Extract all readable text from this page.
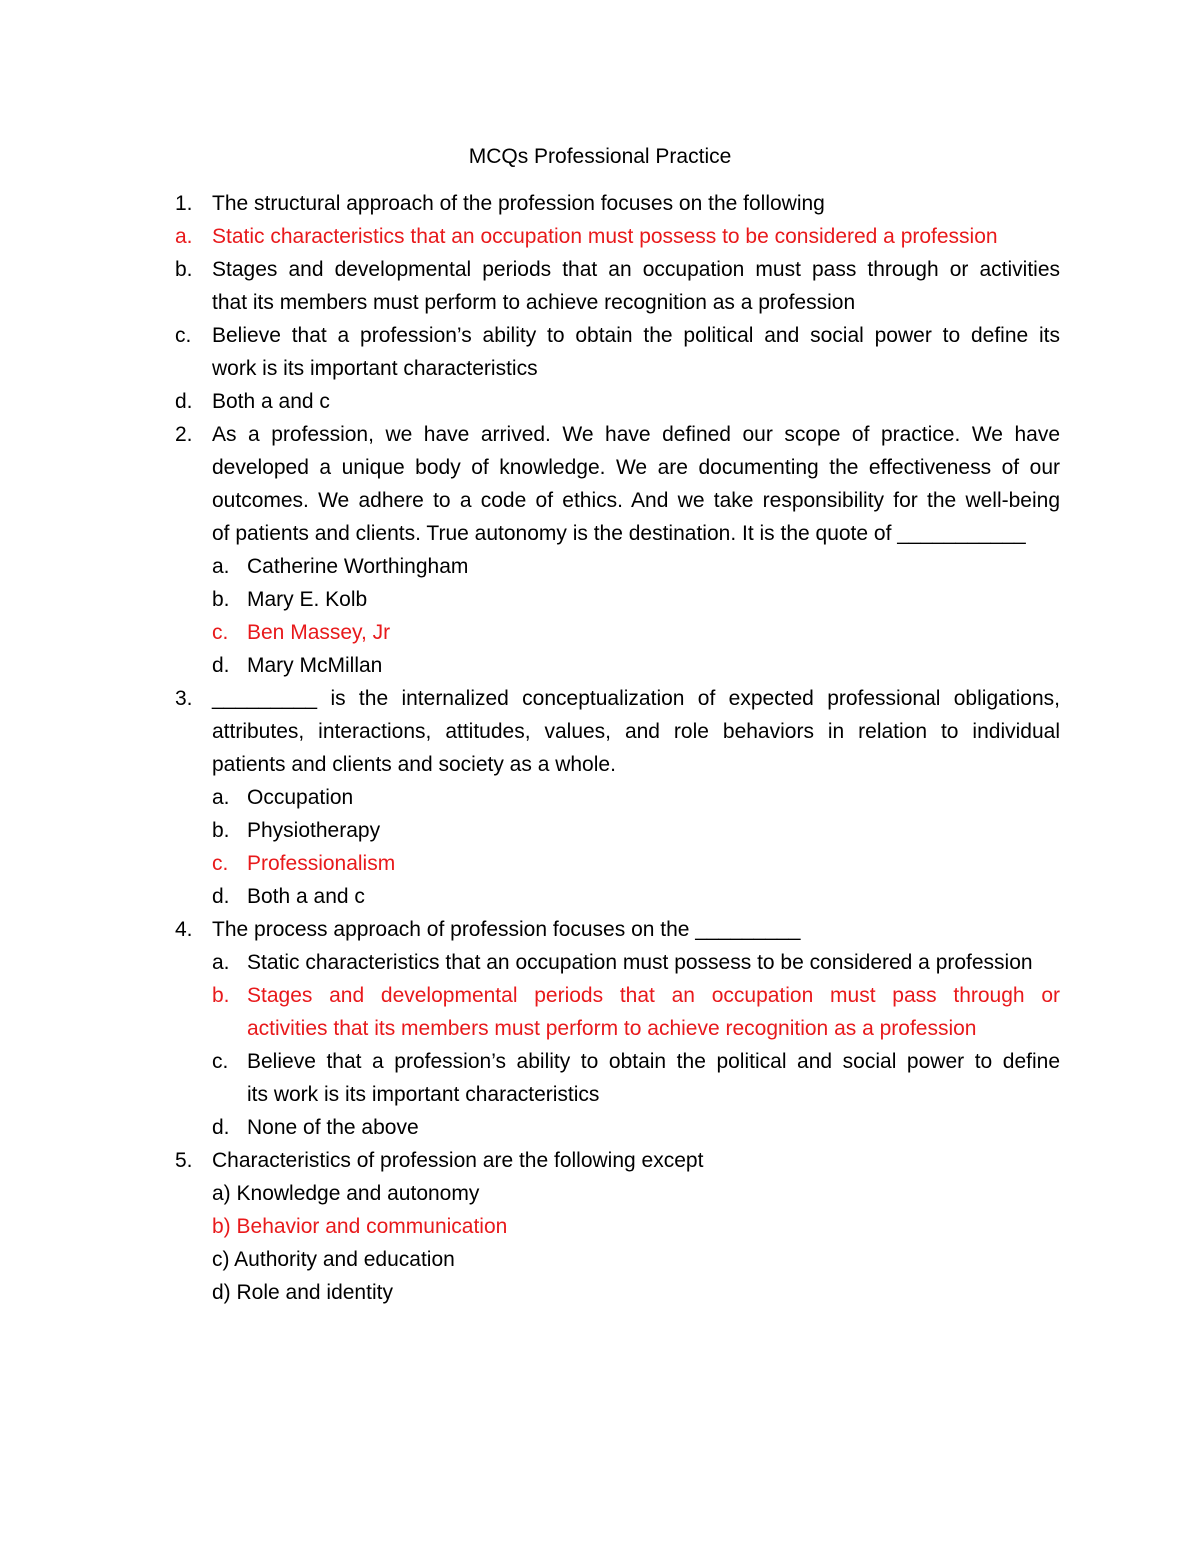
MCQs Professional Practice
1. The structural approach of the profession focuses on the following
a. Static characteristics that an occupation must possess to be considered a profession
b. Stages and developmental periods that an occupation must pass through or activities
that its members must perform to achieve recognition as a profession
c. Believe that a profession’s ability to obtain the political and social power to define its
work is its important characteristics
d. Both a and c
2. As a profession, we have arrived. We have defined our scope of practice. We have
developed a unique body of knowledge. We are documenting the effectiveness of our
outcomes. We adhere to a code of ethics. And we take responsibility for the well-being
of patients and clients. True autonomy is the destination. It is the quote of ___________
a. Catherine Worthingham
b. Mary E. Kolb
c. Ben Massey, Jr
d. Mary McMillan
3. _________ is the internalized conceptualization of expected professional obligations,
attributes, interactions, attitudes, values, and role behaviors in relation to individual
patients and clients and society as a whole.
a. Occupation
b. Physiotherapy
c. Professionalism
d. Both a and c
4. The process approach of profession focuses on the _________
a. Static characteristics that an occupation must possess to be considered a profession
b. Stages and developmental periods that an occupation must pass through or
activities that its members must perform to achieve recognition as a profession
c. Believe that a profession’s ability to obtain the political and social power to define
its work is its important characteristics
d. None of the above
5. Characteristics of profession are the following except
a) Knowledge and autonomy
b) Behavior and communication
c) Authority and education
d) Role and identity
